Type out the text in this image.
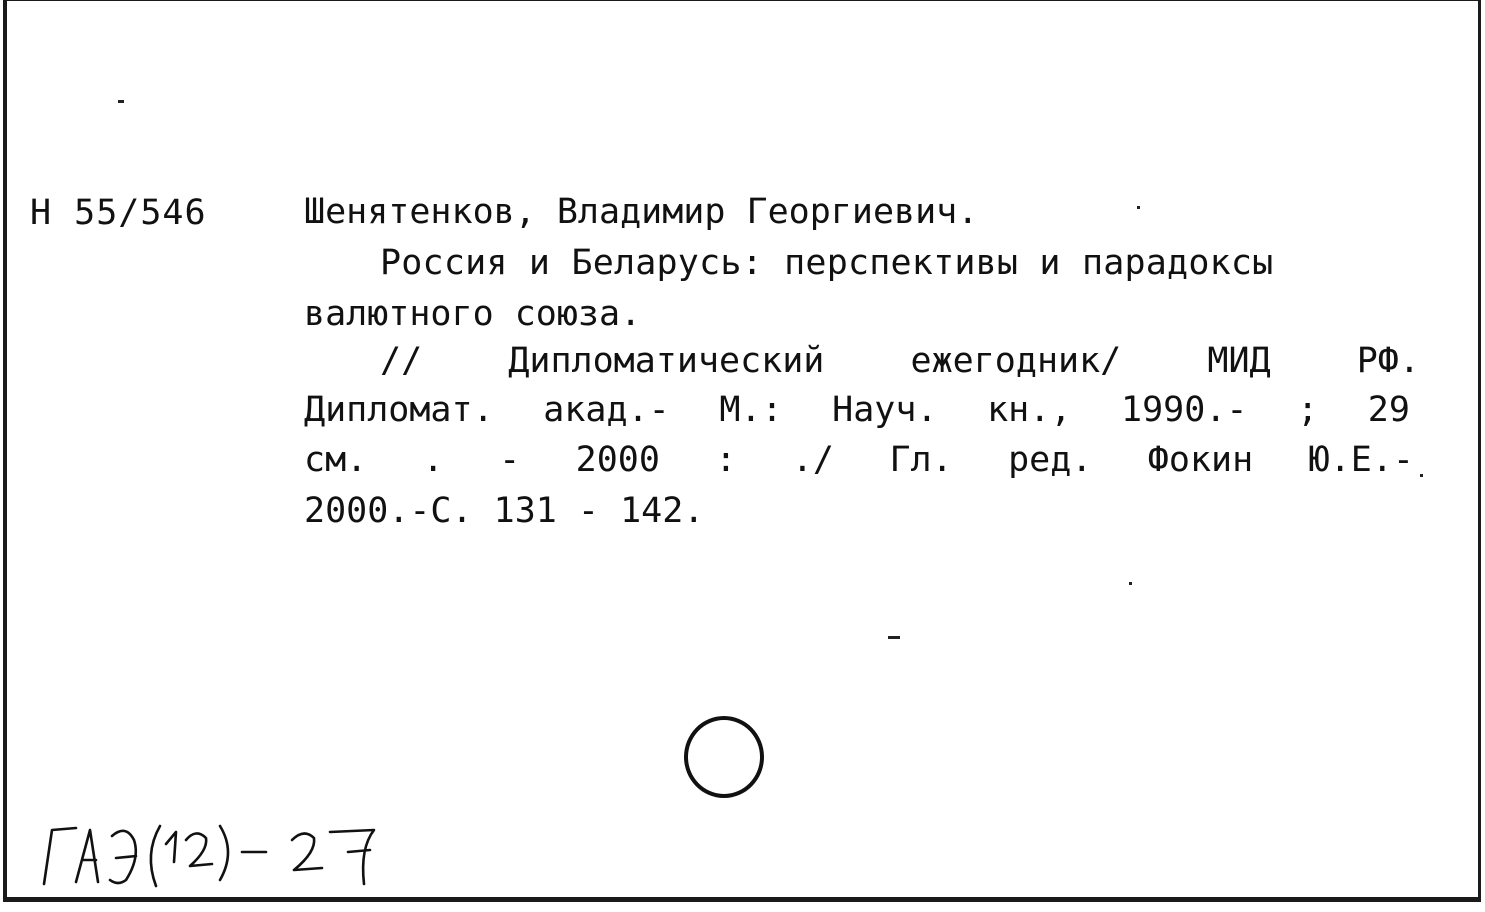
Н 55/546	Шенятенков, Владимир Георгиевич.
Россия и Беларусь: перспективы и парадоксы
валютного союза.
// Дипломатический ежегодник/ МИД РФ.
Дипломат. акад.- М.: Науч. кн., 1990.- ; 29
см. . - 2000 : ./ Гл. ред. Фокин Ю.Е.-
2000.-С. 131 - 142.
